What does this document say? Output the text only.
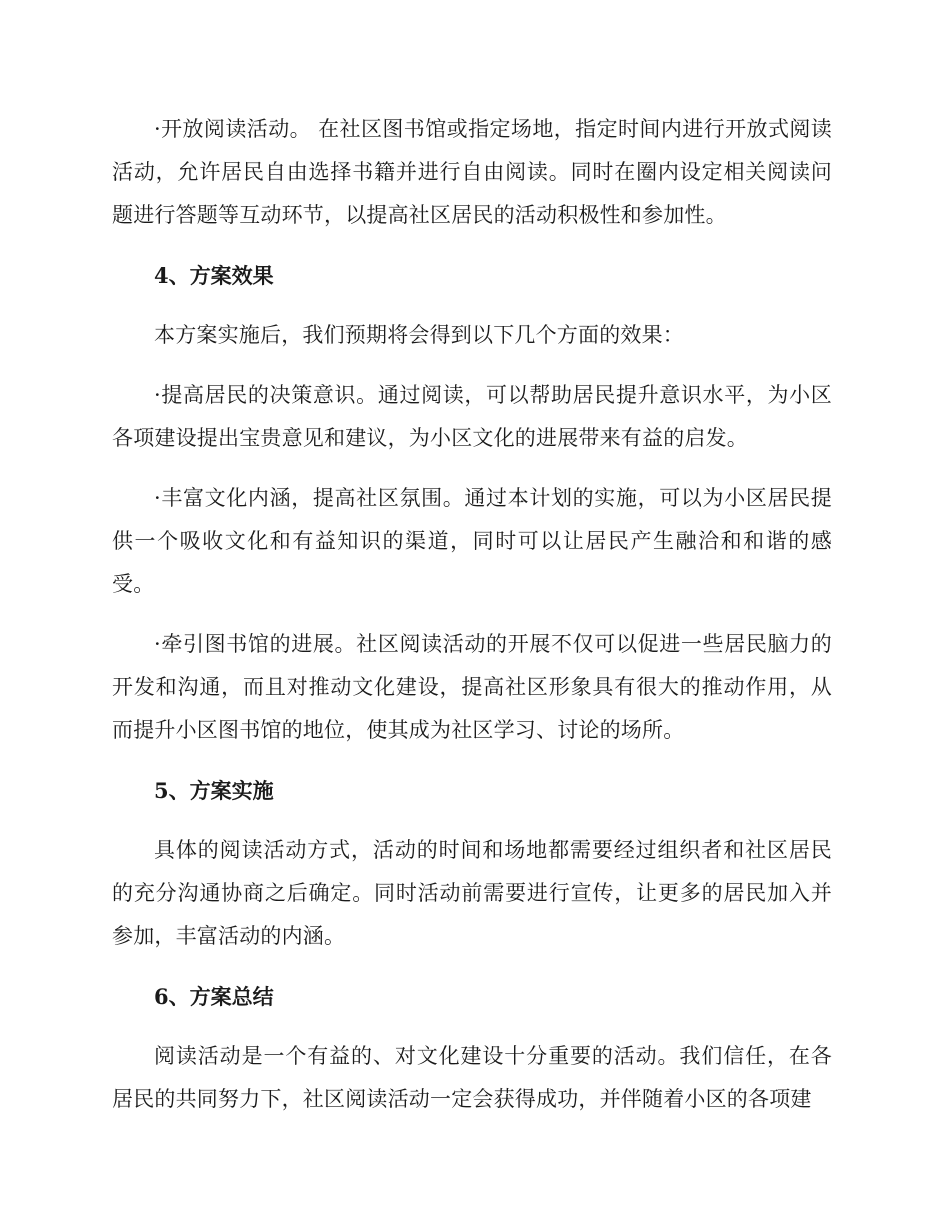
·开放阅读活动。 在社区图书馆或指定场地，指定时间内进行开放式阅读活动，允许居民自由选择书籍并进行自由阅读。同时在圈内设定相关阅读问题进行答题等互动环节，以提高社区居民的活动积极性和参加性。

4、方案效果

本方案实施后，我们预期将会得到以下几个方面的效果：

·提高居民的决策意识。通过阅读，可以帮助居民提升意识水平，为小区各项建设提出宝贵意见和建议，为小区文化的进展带来有益的启发。

·丰富文化内涵，提高社区氛围。通过本计划的实施，可以为小区居民提供一个吸收文化和有益知识的渠道，同时可以让居民产生融洽和和谐的感受。

·牵引图书馆的进展。社区阅读活动的开展不仅可以促进一些居民脑力的开发和沟通，而且对推动文化建设，提高社区形象具有很大的推动作用，从而提升小区图书馆的地位，使其成为社区学习、讨论的场所。

5、方案实施

具体的阅读活动方式，活动的时间和场地都需要经过组织者和社区居民的充分沟通协商之后确定。同时活动前需要进行宣传，让更多的居民加入并参加，丰富活动的内涵。

6、方案总结

阅读活动是一个有益的、对文化建设十分重要的活动。我们信任，在各居民的共同努力下，社区阅读活动一定会获得成功，并伴随着小区的各项建
